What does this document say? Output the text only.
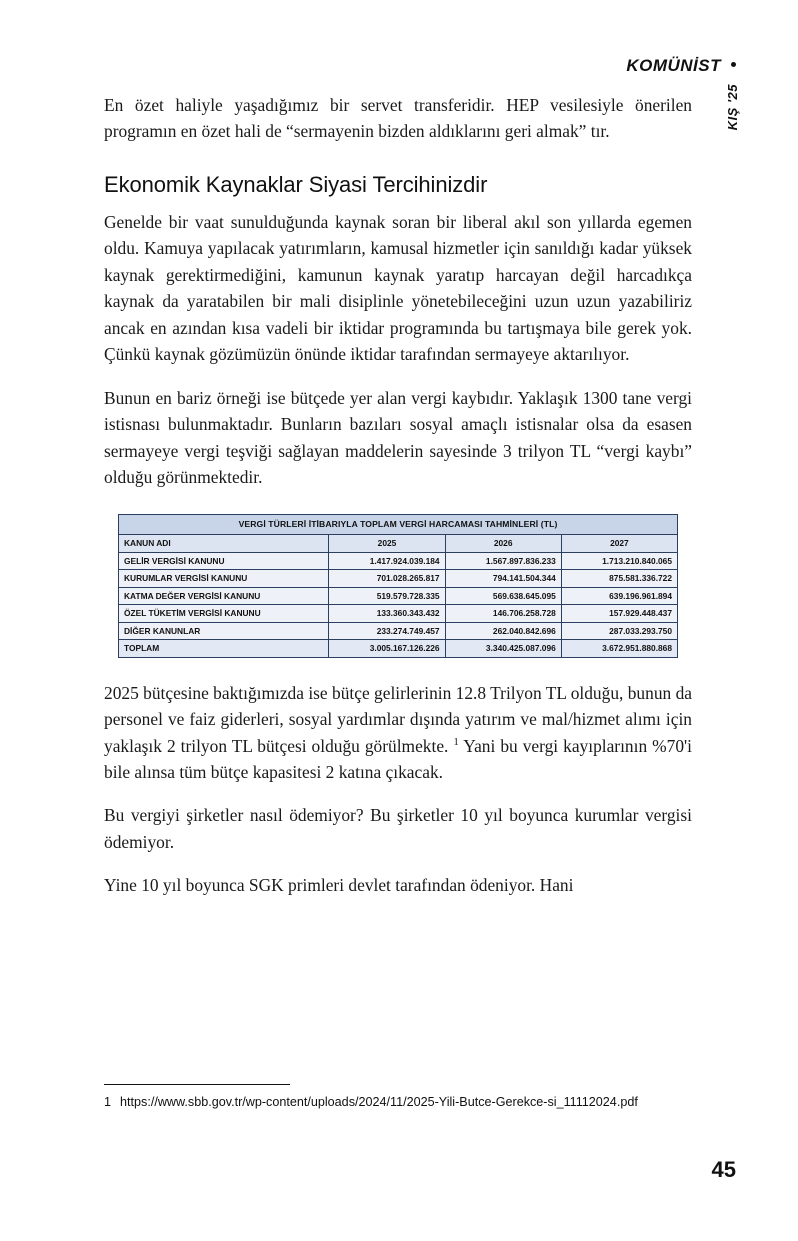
KOMÜNİST
KIŞ '25

En özet haliyle yaşadığımız bir servet transferidir. HEP vesilesiyle önerilen programın en özet hali de “sermayenin bizden aldıklarını geri almak” tır.

Ekonomik Kaynaklar Siyasi Tercihinizdir

Genelde bir vaat sunulduğunda kaynak soran bir liberal akıl son yıllarda egemen oldu. Kamuya yapılacak yatırımların, kamusal hizmetler için sanıldığı kadar yüksek kaynak gerektirmediğini, kamunun kaynak yaratıp harcayan değil harcadıkça kaynak da yaratabilen bir mali disiplinle yönetebileceğini uzun uzun yazabiliriz ancak en azından kısa vadeli bir iktidar programında bu tartışmaya bile gerek yok. Çünkü kaynak gözümüzün önünde iktidar tarafından sermayeye aktarılıyor.

Bunun en bariz örneği ise bütçede yer alan vergi kaybıdır. Yaklaşık 1300 tane vergi istisnası bulunmaktadır. Bunların bazıları sosyal amaçlı istisnalar olsa da esasen sermayeye vergi teşviği sağlayan maddelerin sayesinde 3 trilyon TL “vergi kaybı” olduğu görünmektedir.

VERGİ TÜRLERİ İTİBARIYLA TOPLAM VERGİ HARCAMASI TAHMİNLERİ (TL)			
KANUN ADI	2025	2026	2027
GELİR VERGİSİ KANUNU	1.417.924.039.184	1.567.897.836.233	1.713.210.840.065
KURUMLAR VERGİSİ KANUNU	701.028.265.817	794.141.504.344	875.581.336.722
KATMA DEĞER VERGİSİ KANUNU	519.579.728.335	569.638.645.095	639.196.961.894
ÖZEL TÜKETİM VERGİSİ KANUNU	133.360.343.432	146.706.258.728	157.929.448.437
DİĞER KANUNLAR	233.274.749.457	262.040.842.696	287.033.293.750
TOPLAM	3.005.167.126.226	3.340.425.087.096	3.672.951.880.868

2025 bütçesine baktığımızda ise bütçe gelirlerinin 12.8 Trilyon TL olduğu, bunun da personel ve faiz giderleri, sosyal yardımlar dışında yatırım ve mal/hizmet alımı için yaklaşık 2 trilyon TL bütçesi olduğu görülmekte. $^1$ Yani bu vergi kayıplarının %70'i bile alınsa tüm bütçe kapasitesi 2 katına çıkacak.

Bu vergiyi şirketler nasıl ödemiyor? Bu şirketler 10 yıl boyunca kurumlar vergisi ödemiyor.

Yine 10 yıl boyunca SGK primleri devlet tarafından ödeniyor. Hani

1 https://www.sbb.gov.tr/wp-content/uploads/2024/11/2025-Yili-Butce-Gerekce-si_11112024.pdf
45
